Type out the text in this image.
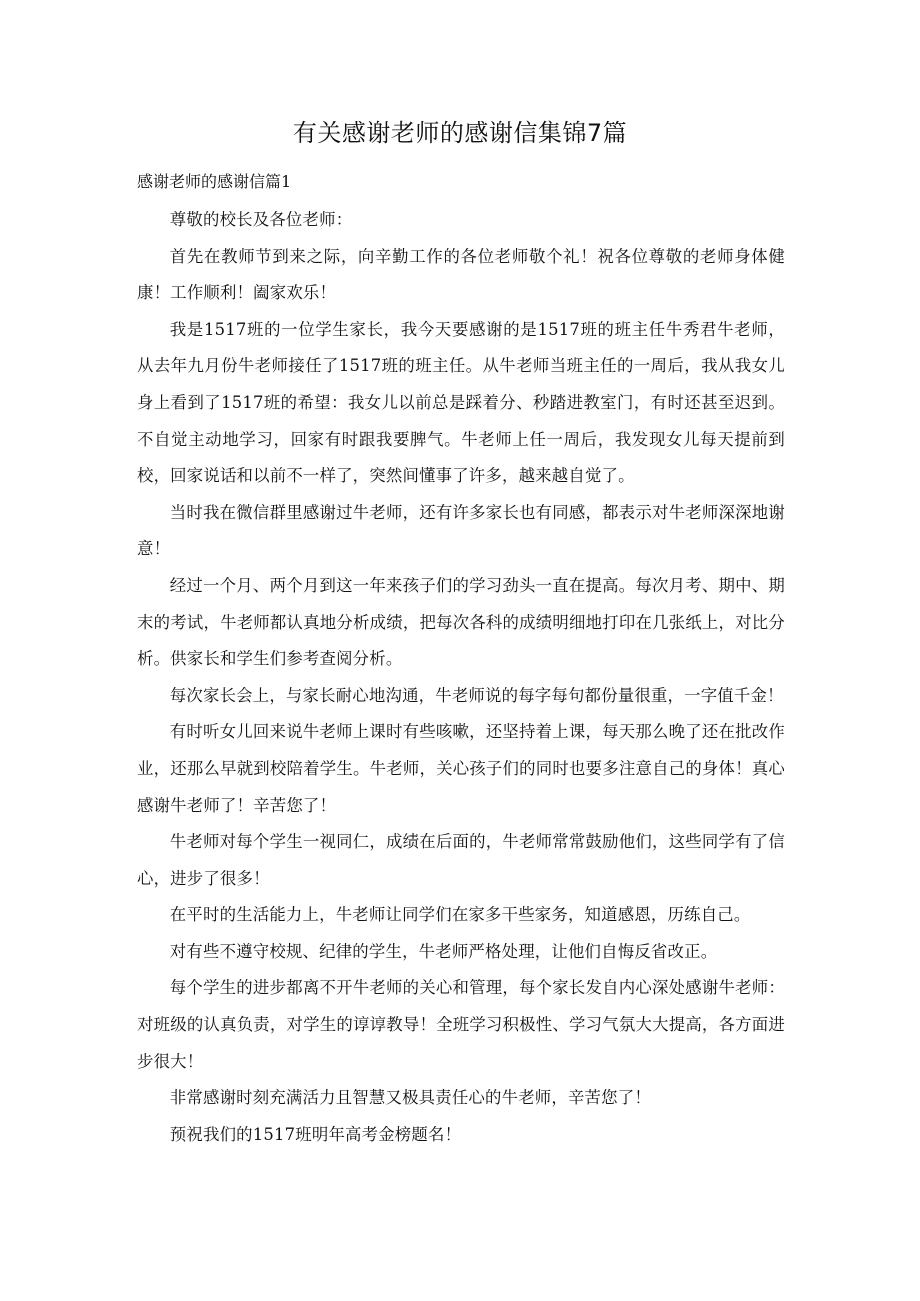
有关感谢老师的感谢信集锦7篇
感谢老师的感谢信篇1

尊敬的校长及各位老师：

首先在教师节到来之际，向辛勤工作的各位老师敬个礼！祝各位尊敬的老师身体健康！工作顺利！阖家欢乐！

我是1517班的一位学生家长，我今天要感谢的是1517班的班主任牛秀君牛老师，从去年九月份牛老师接任了1517班的班主任。从牛老师当班主任的一周后，我从我女儿身上看到了1517班的希望：我女儿以前总是踩着分、秒踏进教室门，有时还甚至迟到。不自觉主动地学习，回家有时跟我要脾气。牛老师上任一周后，我发现女儿每天提前到校，回家说话和以前不一样了，突然间懂事了许多，越来越自觉了。

当时我在微信群里感谢过牛老师，还有许多家长也有同感，都表示对牛老师深深地谢意！

经过一个月、两个月到这一年来孩子们的学习劲头一直在提高。每次月考、期中、期末的考试，牛老师都认真地分析成绩，把每次各科的成绩明细地打印在几张纸上，对比分析。供家长和学生们参考查阅分析。

每次家长会上，与家长耐心地沟通，牛老师说的每字每句都份量很重，一字值千金！

有时听女儿回来说牛老师上课时有些咳嗽，还坚持着上课，每天那么晚了还在批改作业，还那么早就到校陪着学生。牛老师，关心孩子们的同时也要多注意自己的身体！真心感谢牛老师了！辛苦您了！

牛老师对每个学生一视同仁，成绩在后面的，牛老师常常鼓励他们，这些同学有了信心，进步了很多！

在平时的生活能力上，牛老师让同学们在家多干些家务，知道感恩，历练自己。

对有些不遵守校规、纪律的学生，牛老师严格处理，让他们自悔反省改正。

每个学生的进步都离不开牛老师的关心和管理，每个家长发自内心深处感谢牛老师：对班级的认真负责，对学生的谆谆教导！全班学习积极性、学习气氛大大提高，各方面进步很大！

非常感谢时刻充满活力且智慧又极具责任心的牛老师，辛苦您了！

预祝我们的1517班明年高考金榜题名！
